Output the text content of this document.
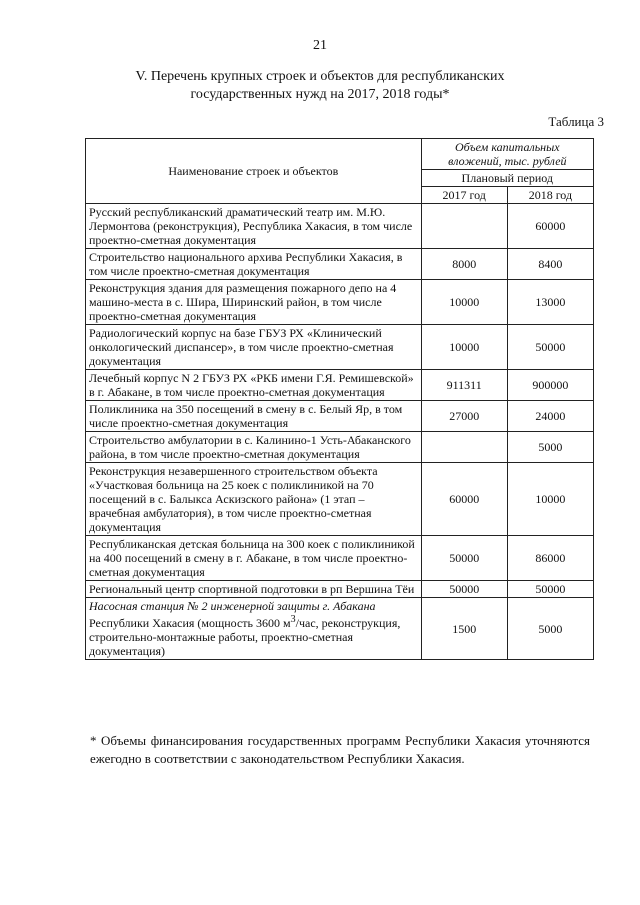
21
V. Перечень крупных строек и объектов для республиканских
государственных нужд на 2017, 2018 годы*
Таблица 3
Наименование строек и объектов	Объем капитальных
вложений, тыс. рублей	

	Плановый период	
	2017 год	2018 год
Русский республиканский драматический театр им. М.Ю. Лермонтова (реконструкция), Республика Хакасия, в том числе проектно-сметная документация		60000
Строительство национального архива Республики Хакасия, в том числе проектно-сметная документация	8000	8400
Реконструкция здания для размещения пожарного депо на 4 машино-места в с. Шира, Ширинский район, в том числе проектно-сметная документация	10000	13000
Радиологический корпус на базе ГБУЗ РХ «Клинический онкологический диспансер», в том числе проектно-сметная документация	10000	50000
Лечебный корпус N 2 ГБУЗ РХ «РКБ имени Г.Я. Ремишевской» в г. Абакане, в том числе проектно-сметная документация	911311	900000
Поликлиника на 350 посещений в смену в с. Белый Яр, в том числе проектно-сметная документация	27000	24000
Строительство амбулатории в с. Калинино-1 Усть-Абаканского района, в том числе проектно-сметная документация		5000
Реконструкция незавершенного строительством объекта «Участковая больница на 25 коек с поликлиникой на 70 посещений в с. Балыкса Аскизского района» (1 этап – врачебная амбулатория), в том числе проектно-сметная документация	60000	10000
Республиканская детская больница на 300 коек с поликлиникой на 400 посещений в смену в г. Абакане, в том числе проектно-сметная документация	50000	86000
Региональный центр спортивной подготовки в рп Вершина Тёи	50000	50000
Насосная станция № 2 инженерной защиты г. Абакана Республики Хакасия (мощность 3600 $м^3$/час, реконструкция, строительно-монтажные работы, проектно-сметная документация)	1500	5000
* Объемы финансирования государственных программ Республики Хакасия уточняются ежегодно в соответствии с законодательством Республики Хакасия.
